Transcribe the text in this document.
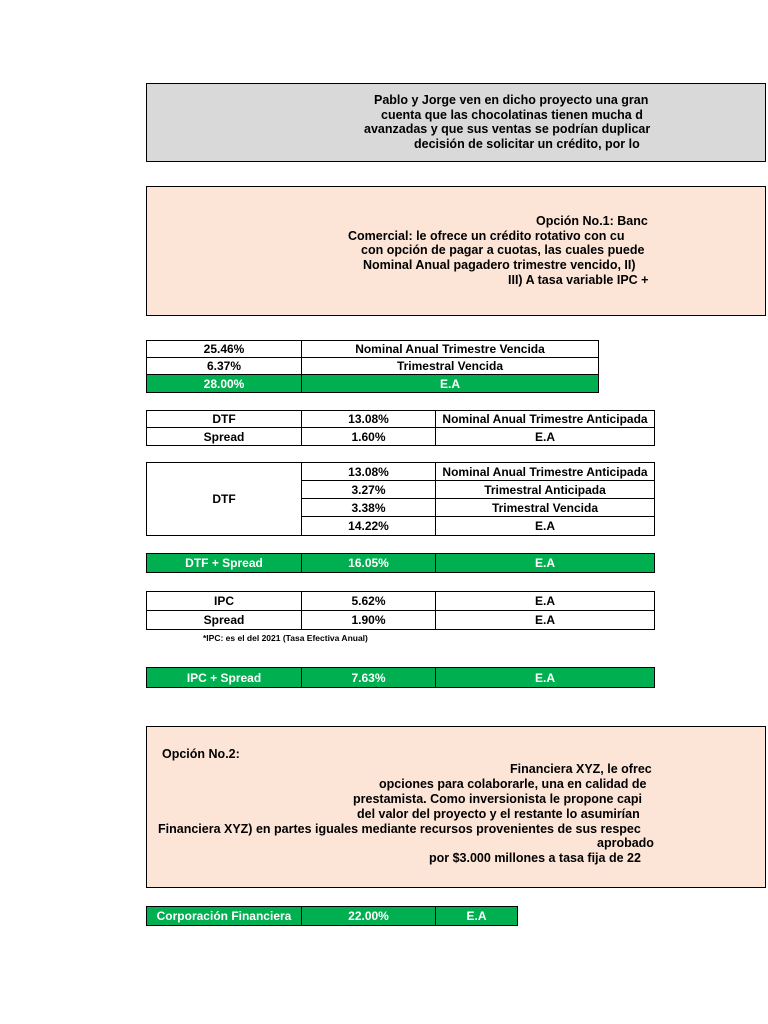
Pablo y Jorge ven en dicho proyecto una gran
cuenta que las chocolatinas tienen mucha d
avanzadas y que sus ventas se podrían duplicar
decisión de solicitar un crédito, por lo
Opción No.1: Banc
Comercial: le ofrece un crédito rotativo con cu
con opción de pagar a cuotas, las cuales puede
Nominal Anual pagadero trimestre vencido, II)
III) A tasa variable IPC +
25.46%	Nominal Anual Trimestre Vencida
6.37%	Trimestral Vencida
28.00%	E.A
DTF	13.08%	Nominal Anual Trimestre Anticipada
Spread	1.60%	E.A
DTF
13.08%	Nominal Anual Trimestre Anticipada
3.27%	Trimestral Anticipada
3.38%	Trimestral Vencida
14.22%	E.A
DTF + Spread	16.05%	E.A
IPC	5.62%	E.A
Spread	1.90%	E.A
*IPC: es el del 2021 (Tasa Efectiva Anual)
IPC + Spread	7.63%	E.A
Opción No.2:
Financiera XYZ, le ofrec
opciones para colaborarle, una en calidad de
prestamista. Como inversionista le propone capi
del valor del proyecto y el restante lo asumirían
Financiera XYZ) en partes iguales mediante recursos provenientes de sus respec
aprobado
por $3.000 millones a tasa fija de 22
Corporación Financiera	22.00%	E.A
